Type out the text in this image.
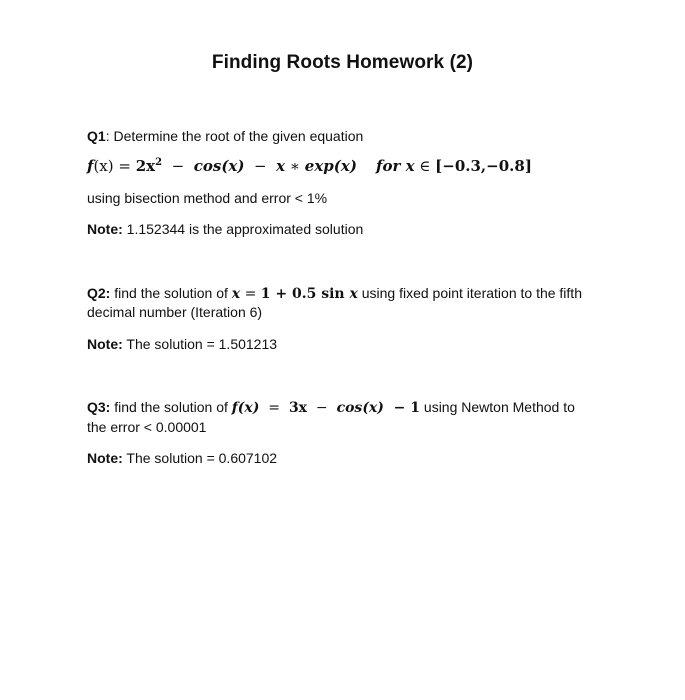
Finding Roots Homework (2)
Q1: Determine the root of the given equation
$f(x) = 2x^2 - \cos(x) - x$ ∗ exp(x) for x ∈ [−0.3,−0.8]
using bisection method and error < 1%
Note: 1.152344 is the approximated solution
Q2: find the solution of x = 1 + 0.5 sin x using fixed point iteration to the fifth
decimal number (Iteration 6)
Note: The solution = 1.501213
Q3: find the solution of f(x)  =  3x  −  cos(x)  − 1 using Newton Method to
the error < 0.00001
Note: The solution = 0.607102
